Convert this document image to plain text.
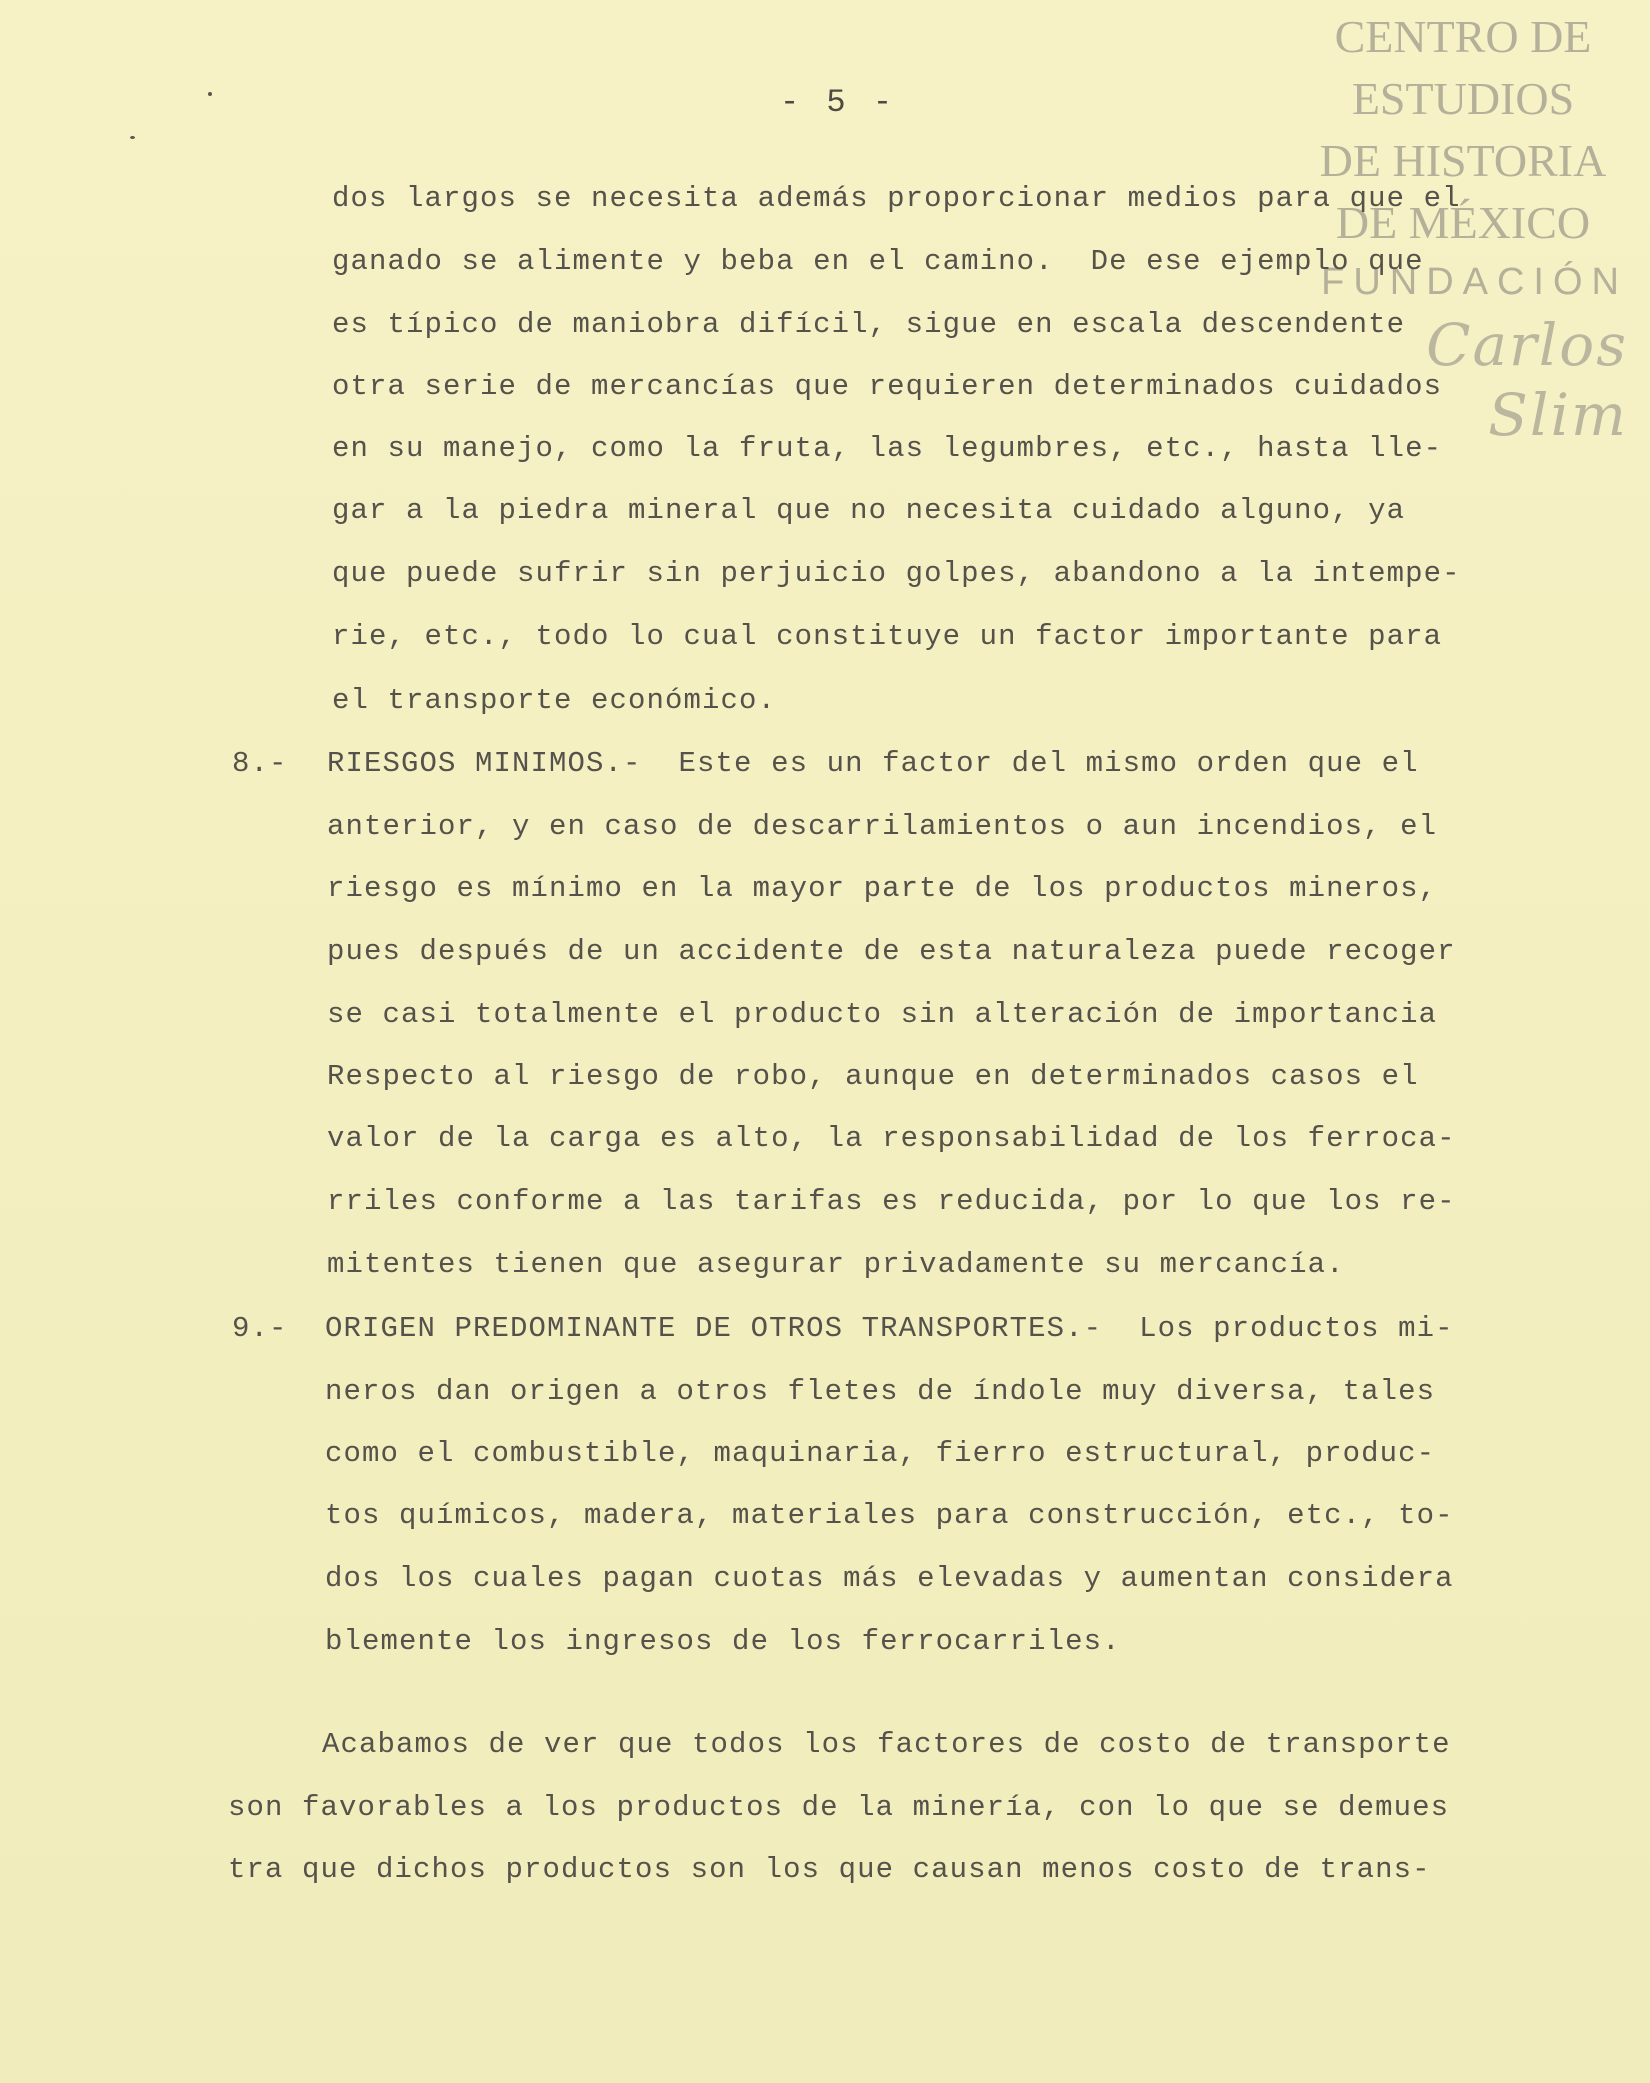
- 5 -
CENTRO DE
ESTUDIOS
DE HISTORIA
DE MÉXICO
FUNDACIÓN
Carlos Slim
dos largos se necesita además proporcionar medios para que el
ganado se alimente y beba en el camino.  De ese ejemplo que
es típico de maniobra difícil, sigue en escala descendente
otra serie de mercancías que requieren determinados cuidados
en su manejo, como la fruta, las legumbres, etc., hasta lle-
gar a la piedra mineral que no necesita cuidado alguno, ya
que puede sufrir sin perjuicio golpes, abandono a la intempe-
rie, etc., todo lo cual constituye un factor importante para
el transporte económico.
8.- RIESGOS MINIMOS.-  Este es un factor del mismo orden que el
anterior, y en caso de descarrilamientos o aun incendios, el
riesgo es mínimo en la mayor parte de los productos mineros,
pues después de un accidente de esta naturaleza puede recoger
se casi totalmente el producto sin alteración de importancia
Respecto al riesgo de robo, aunque en determinados casos el
valor de la carga es alto, la responsabilidad de los ferroca-
rriles conforme a las tarifas es reducida, por lo que los re-
mitentes tienen que asegurar privadamente su mercancía.
9.- ORIGEN PREDOMINANTE DE OTROS TRANSPORTES.-  Los productos mi-
neros dan origen a otros fletes de índole muy diversa, tales
como el combustible, maquinaria, fierro estructural, produc-
tos químicos, madera, materiales para construcción, etc., to-
dos los cuales pagan cuotas más elevadas y aumentan considera
blemente los ingresos de los ferrocarriles.
Acabamos de ver que todos los factores de costo de transporte
son favorables a los productos de la minería, con lo que se demues
tra que dichos productos son los que causan menos costo de trans-
